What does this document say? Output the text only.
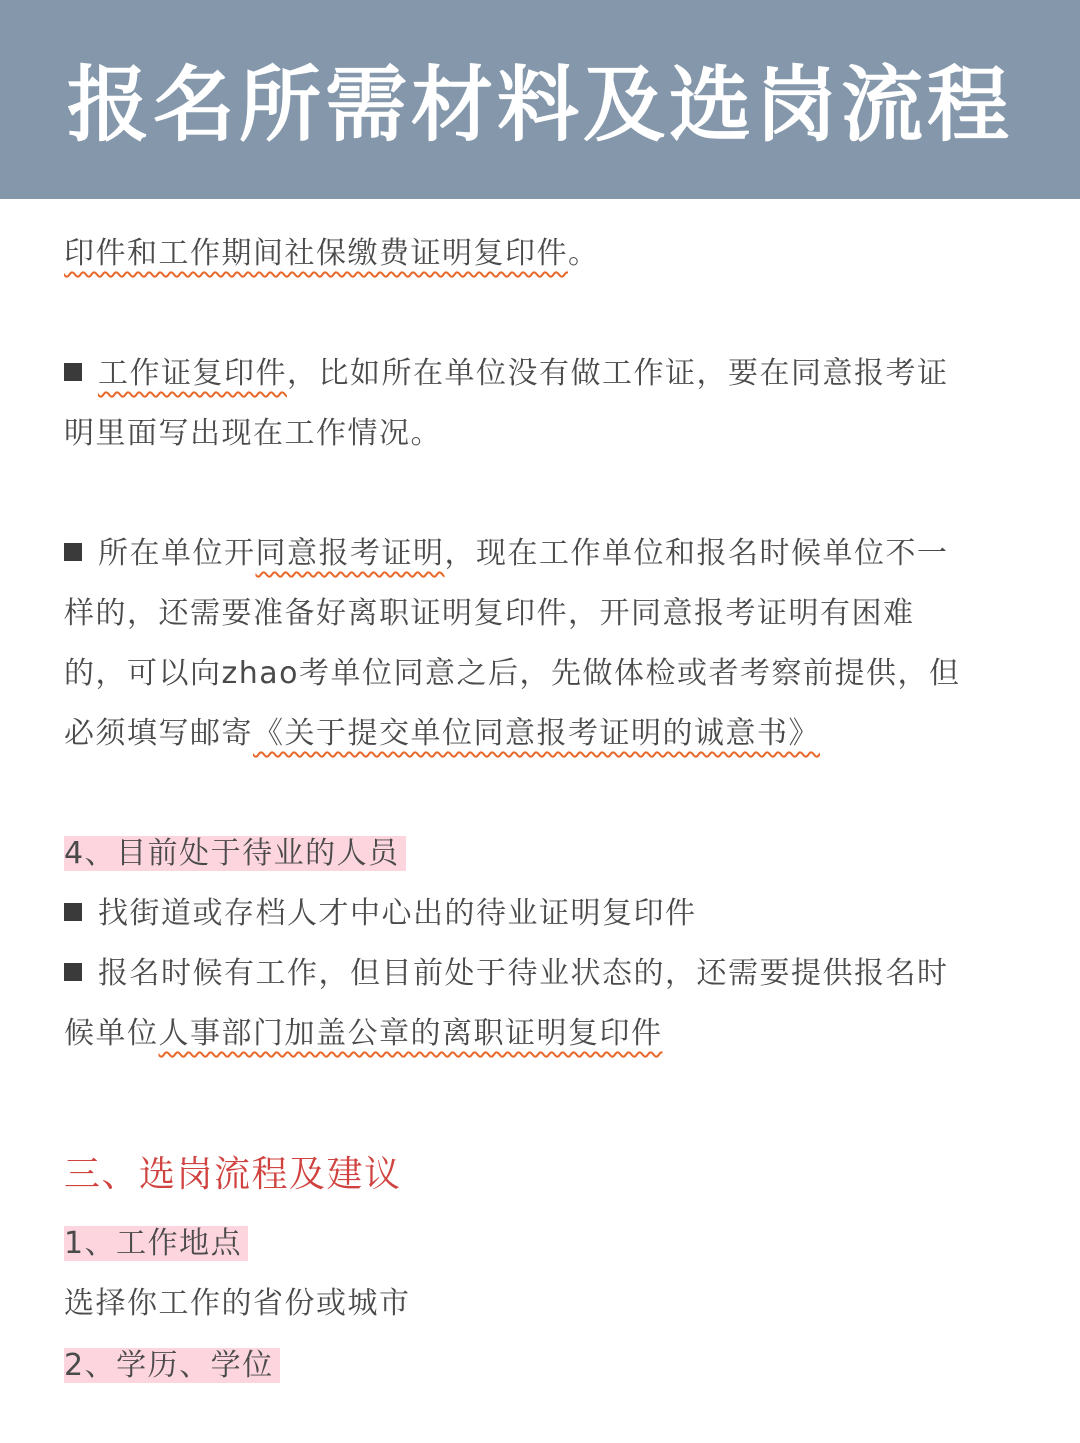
报名所需材料及选岗流程
印件和工作期间社保缴费证明复印件。
工作证复印件，比如所在单位没有做工作证，要在同意报考证
明里面写出现在工作情况。
所在单位开同意报考证明，现在工作单位和报名时候单位不一
样的，还需要准备好离职证明复印件，开同意报考证明有困难
的，可以向zhao考单位同意之后，先做体检或者考察前提供，但
必须填写邮寄《关于提交单位同意报考证明的诚意书》
4、目前处于待业的人员
找街道或存档人才中心出的待业证明复印件
报名时候有工作，但目前处于待业状态的，还需要提供报名时
候单位人事部门加盖公章的离职证明复印件
三、选岗流程及建议
1、工作地点
选择你工作的省份或城市
2、学历、学位
